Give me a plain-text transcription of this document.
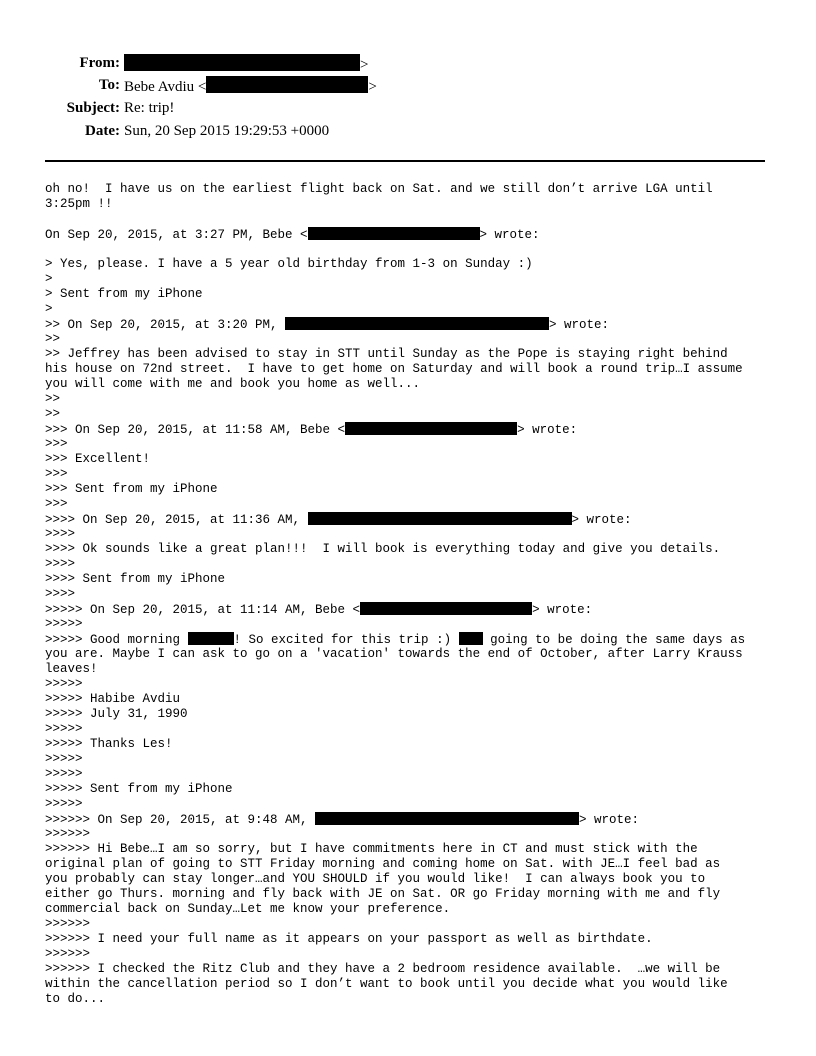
From:	>
To: Bebe Avdiu <	>
Subject: Re: trip!
Date: Sun, 20 Sep 2015 19:29:53 +0000
oh no!  I have us on the earliest flight back on Sat. and we still don’t arrive LGA until
3:25pm !!
On Sep 20, 2015, at 3:27 PM, Bebe <	> wrote:
> Yes, please. I have a 5 year old birthday from 1-3 on Sunday :)
>
> Sent from my iPhone
>
>> On Sep 20, 2015, at 3:20 PM,	> wrote:
>>
>> Jeffrey has been advised to stay in STT until Sunday as the Pope is staying right behind
his house on 72nd street.  I have to get home on Saturday and will book a round trip…I assume
you will come with me and book you home as well...
>>
>>
>>> On Sep 20, 2015, at 11:58 AM, Bebe <	> wrote:
>>>
>>> Excellent!
>>>
>>> Sent from my iPhone
>>>
>>>> On Sep 20, 2015, at 11:36 AM,	> wrote:
>>>>
>>>> Ok sounds like a great plan!!!  I will book is everything today and give you details.
>>>>
>>>> Sent from my iPhone
>>>>
>>>>> On Sep 20, 2015, at 11:14 AM, Bebe <	> wrote:
>>>>>
>>>>> Good morning	! So excited for this trip :)  going to be doing the same days as
you are. Maybe I can ask to go on a 'vacation' towards the end of October, after Larry Krauss
leaves!
>>>>>
>>>>> Habibe Avdiu
>>>>> July 31, 1990
>>>>>
>>>>> Thanks Les!
>>>>>
>>>>>
>>>>> Sent from my iPhone
>>>>>
>>>>>> On Sep 20, 2015, at 9:48 AM,	> wrote:
>>>>>>
>>>>>> Hi Bebe…I am so sorry, but I have commitments here in CT and must stick with the
original plan of going to STT Friday morning and coming home on Sat. with JE…I feel bad as
you probably can stay longer…and YOU SHOULD if you would like!  I can always book you to
either go Thurs. morning and fly back with JE on Sat. OR go Friday morning with me and fly
commercial back on Sunday…Let me know your preference.
>>>>>>
>>>>>> I need your full name as it appears on your passport as well as birthdate.
>>>>>>
>>>>>> I checked the Ritz Club and they have a 2 bedroom residence available.  …we will be
within the cancellation period so I don’t want to book until you decide what you would like
to do...
